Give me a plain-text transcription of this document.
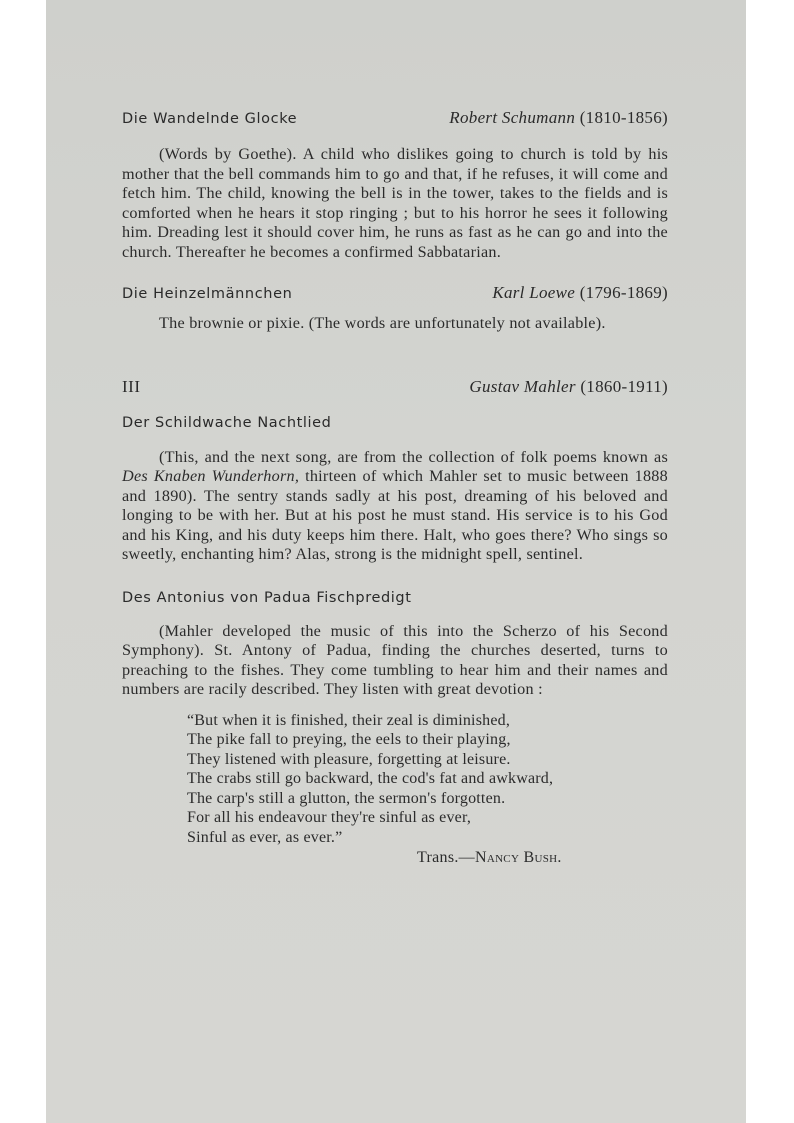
Die Wandelnde Glocke	Robert Schumann (1810-1856)

(Words by Goethe). A child who dislikes going to church is told by his mother that the bell commands him to go and that, if he refuses, it will come and fetch him. The child, knowing the bell is in the tower, takes to the fields and is comforted when he hears it stop ringing ; but to his horror he sees it following him. Dreading lest it should cover him, he runs as fast as he can go and into the church. Thereafter he becomes a confirmed Sabbatarian.

Die Heinzelmännchen	Karl Loewe (1796-1869)

The brownie or pixie. (The words are unfortunately not available).

III	Gustav Mahler (1860-1911)
Der Schildwache Nachtlied

(This, and the next song, are from the collection of folk poems known as Des Knaben Wunderhorn, thirteen of which Mahler set to music between 1888 and 1890). The sentry stands sadly at his post, dreaming of his beloved and longing to be with her. But at his post he must stand. His service is to his God and his King, and his duty keeps him there. Halt, who goes there? Who sings so sweetly, enchanting him? Alas, strong is the midnight spell, sentinel.

Des Antonius von Padua Fischpredigt

(Mahler developed the music of this into the Scherzo of his Second Symphony). St. Antony of Padua, finding the churches deserted, turns to preaching to the fishes. They come tumbling to hear him and their names and numbers are racily described. They listen with great devotion :

“But when it is finished, their zeal is diminished,
The pike fall to preying, the eels to their playing,
They listened with pleasure, forgetting at leisure.
The crabs still go backward, the cod's fat and awkward,
The carp's still a glutton, the sermon's forgotten.
For all his endeavour they're sinful as ever,
Sinful as ever, as ever.”
Trans.—Nancy Bush.
